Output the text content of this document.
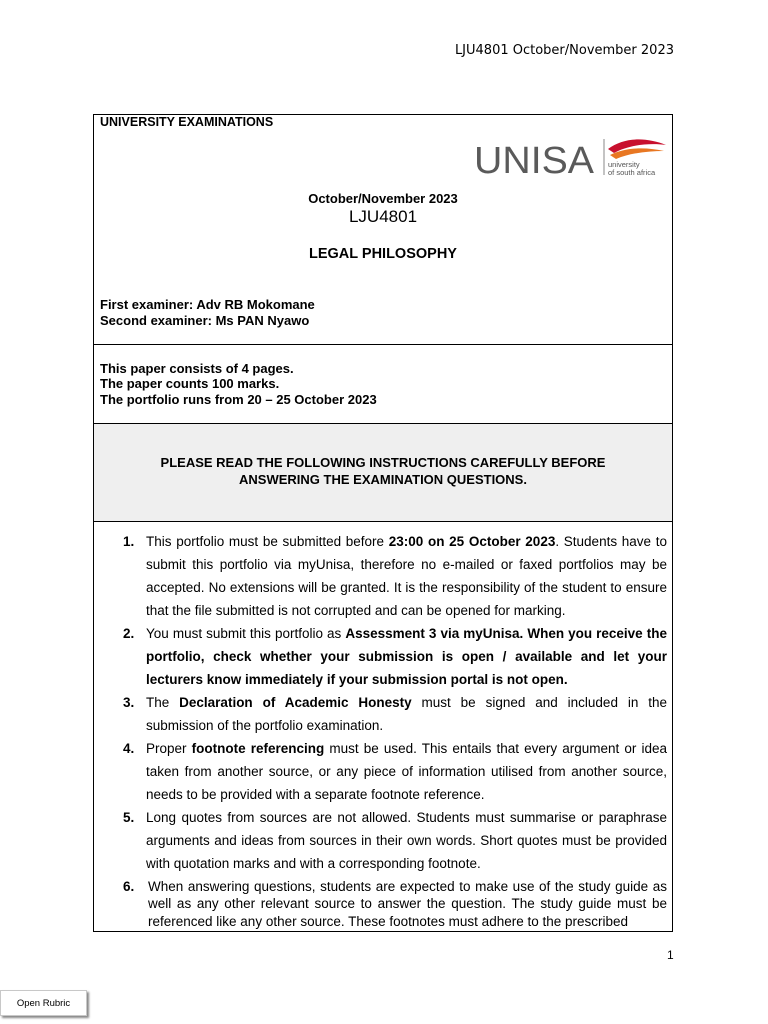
LJU4801 October/November 2023
UNIVERSITY EXAMINATIONS
UNISA university
of south africa
October/November 2023
LJU4801
LEGAL PHILOSOPHY
First examiner: Adv RB Mokomane
Second examiner: Ms PAN Nyawo
This paper consists of 4 pages.
The paper counts 100 marks.
The portfolio runs from 20 – 25 October 2023
PLEASE READ THE FOLLOWING INSTRUCTIONS CAREFULLY BEFORE
ANSWERING THE EXAMINATION QUESTIONS.
1. This portfolio must be submitted before 23:00 on 25 October 2023. Students have to submit this portfolio via myUnisa, therefore no e-mailed or faxed portfolios may be accepted. No extensions will be granted. It is the responsibility of the student to ensure that the file submitted is not corrupted and can be opened for marking.
2. You must submit this portfolio as Assessment 3 via myUnisa. When you receive the portfolio, check whether your submission is open / available and let your lecturers know immediately if your submission portal is not open.
3. The Declaration of Academic Honesty must be signed and included in the submission of the portfolio examination.
4. Proper footnote referencing must be used. This entails that every argument or idea taken from another source, or any piece of information utilised from another source, needs to be provided with a separate footnote reference.
5. Long quotes from sources are not allowed. Students must summarise or paraphrase arguments and ideas from sources in their own words. Short quotes must be provided with quotation marks and with a corresponding footnote.
6. When answering questions, students are expected to make use of the study guide as well as any other relevant source to answer the question. The study guide must be referenced like any other source. These footnotes must adhere to the prescribed
1
Open Rubric
